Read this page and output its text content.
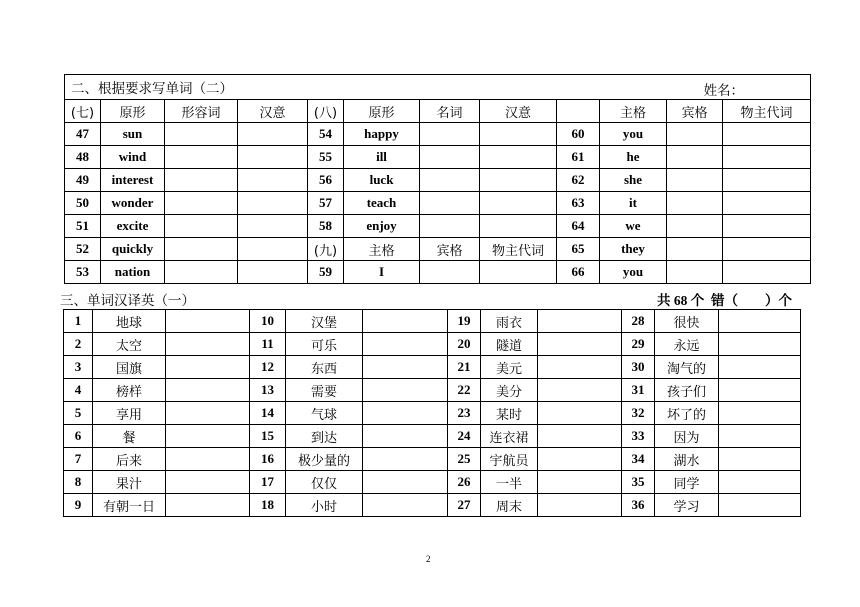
二、根据要求写单词（二） 姓名：											

(七)	原形	形容词	汉意	(八)	原形	名词	汉意		主格	宾格	物主代词
47	sun			54	happy			60	you		
48	wind			55	ill			61	he		
49	interest			56	luck			62	she		
50	wonder			57	teach			63	it		
51	excite			58	enjoy			64	we		
52	quickly			(九)	主格	宾格	物主代词	65	they		
53	nation			59	I			66	you		
三、单词汉译英（一）	共 68 个  错（        ）个
1	地球		10	汉堡		19	雨衣		28	很快	
2	太空		11	可乐		20	隧道		29	永远	
3	国旗		12	东西		21	美元		30	淘气的	
4	榜样		13	需要		22	美分		31	孩子们	
5	享用		14	气球		23	某时		32	坏了的	
6	餐		15	到达		24	连衣裙		33	因为	
7	后来		16	极少量的		25	宇航员		34	湖水	
8	果汁		17	仅仅		26	一半		35	同学	
9	有朝一日		18	小时		27	周末		36	学习	
2
